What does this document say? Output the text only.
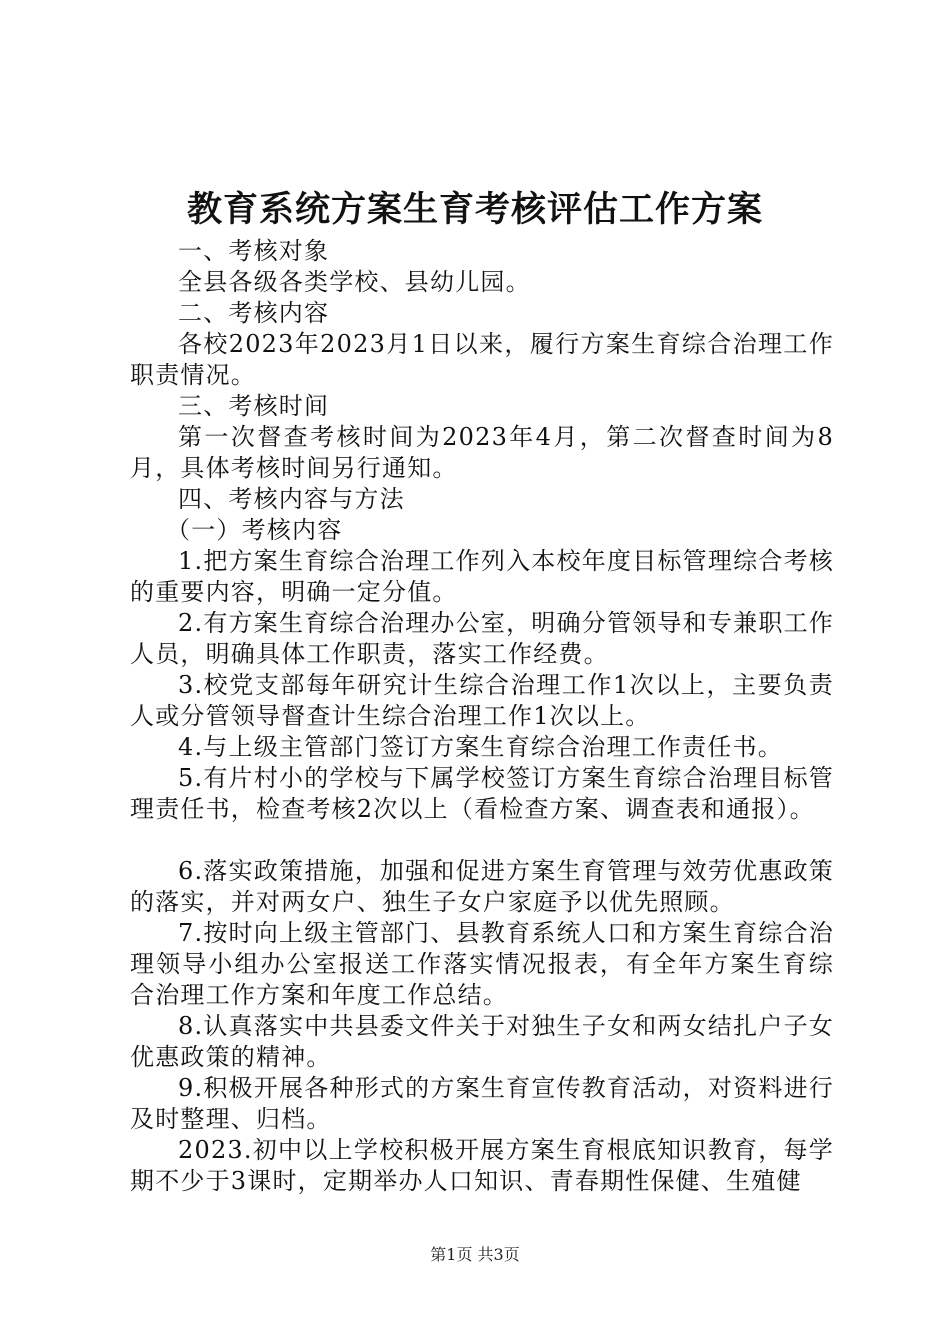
教育系统方案生育考核评估工作方案

一、考核对象

全县各级各类学校、县幼儿园。

二、考核内容

各校2023年2023月1日以来，履行方案生育综合治理工作职责情况。

三、考核时间

第一次督查考核时间为2023年4月，第二次督查时间为8月，具体考核时间另行通知。

四、考核内容与方法

（一）考核内容

1.把方案生育综合治理工作列入本校年度目标管理综合考核的重要内容，明确一定分值。

2.有方案生育综合治理办公室，明确分管领导和专兼职工作人员，明确具体工作职责，落实工作经费。

3.校党支部每年研究计生综合治理工作1次以上，主要负责人或分管领导督查计生综合治理工作1次以上。

4.与上级主管部门签订方案生育综合治理工作责任书。

5.有片村小的学校与下属学校签订方案生育综合治理目标管理责任书，检查考核2次以上（看检查方案、调查表和通报）。

6.落实政策措施，加强和促进方案生育管理与效劳优惠政策的落实，并对两女户、独生子女户家庭予以优先照顾。

7.按时向上级主管部门、县教育系统人口和方案生育综合治理领导小组办公室报送工作落实情况报表，有全年方案生育综合治理工作方案和年度工作总结。

8.认真落实中共县委文件关于对独生子女和两女结扎户子女优惠政策的精神。

9.积极开展各种形式的方案生育宣传教育活动，对资料进行及时整理、归档。

2023.初中以上学校积极开展方案生育根底知识教育，每学期不少于3课时，定期举办人口知识、青春期性保健、生殖健

第1页 共3页
